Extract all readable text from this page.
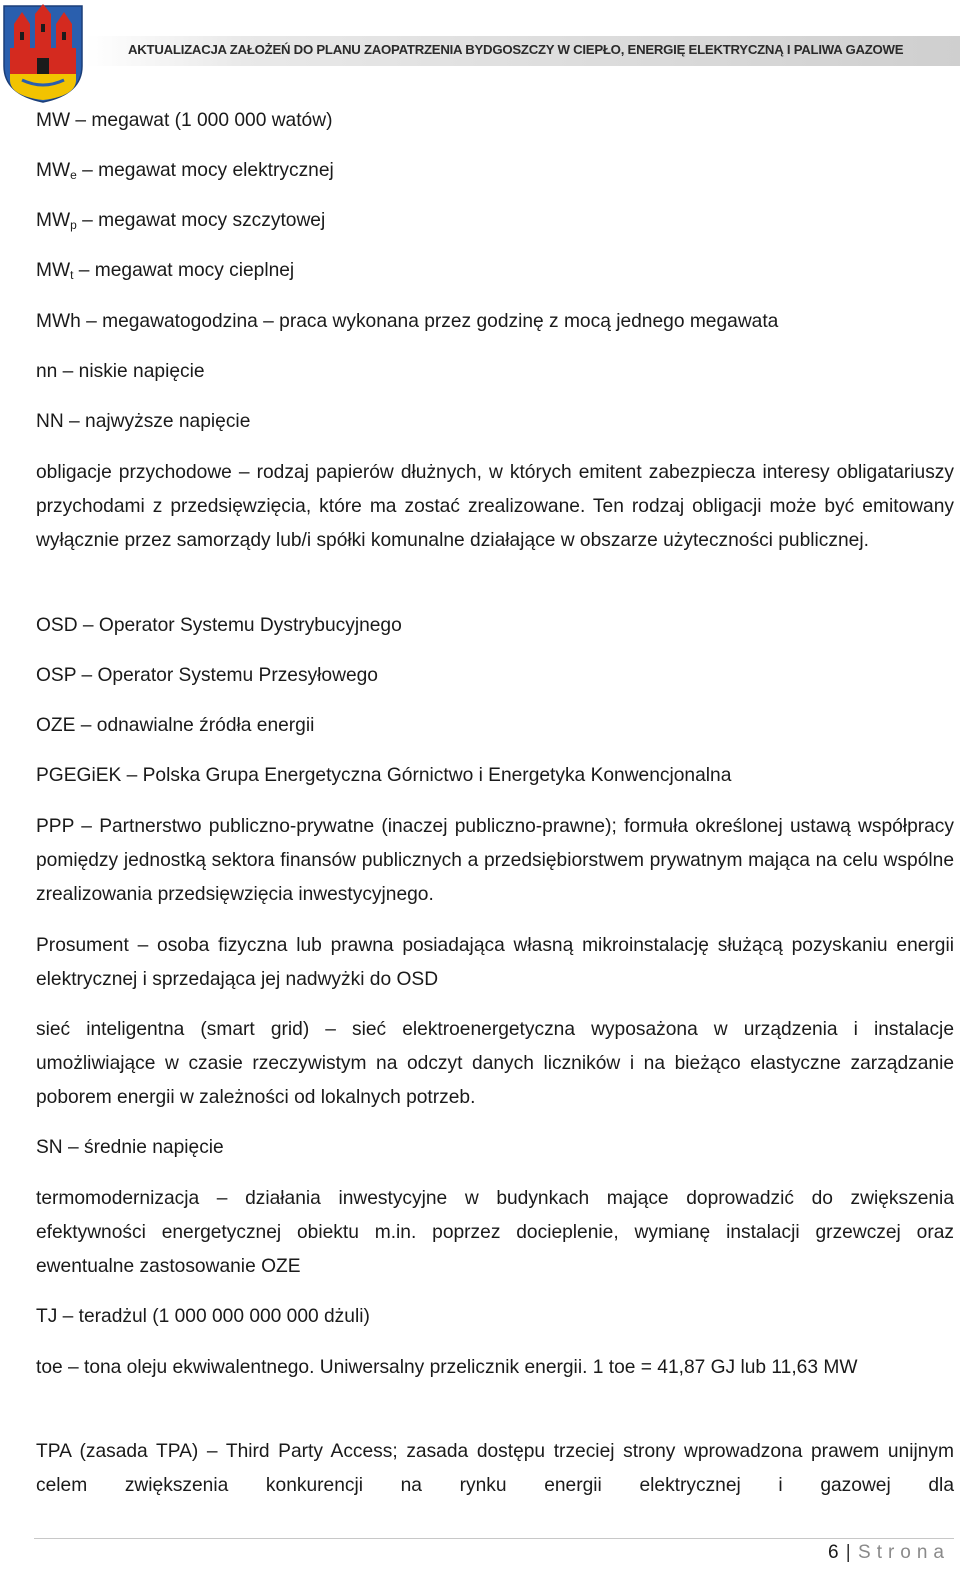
AKTUALIZACJA ZAŁOŻEŃ DO PLANU ZAOPATRZENIA BYDGOSZCZY W CIEPŁO, ENERGIĘ ELEKTRYCZNĄ I PALIWA GAZOWE
MW – megawat (1 000 000 watów)
$MW_e$ – megawat mocy elektrycznej
$MW_p$ – megawat mocy szczytowej
$MW_t$ – megawat mocy cieplnej
MWh – megawatogodzina – praca wykonana przez godzinę z mocą jednego megawata
nn – niskie napięcie
NN – najwyższe napięcie
obligacje przychodowe – rodzaj papierów dłużnych, w których emitent zabezpiecza interesy obligatariuszy przychodami z przedsięwzięcia, które ma zostać zrealizowane. Ten rodzaj obligacji może być emitowany wyłącznie przez samorządy lub/i spółki komunalne działające w obszarze użyteczności publicznej.
OSD – Operator Systemu Dystrybucyjnego
OSP – Operator Systemu Przesyłowego
OZE – odnawialne źródła energii
PGEGiEK – Polska Grupa Energetyczna Górnictwo i Energetyka Konwencjonalna
PPP – Partnerstwo publiczno-prywatne (inaczej publiczno-prawne); formuła określonej ustawą współpracy pomiędzy jednostką sektora finansów publicznych a przedsiębiorstwem prywatnym mająca na celu wspólne zrealizowania przedsięwzięcia inwestycyjnego.
Prosument – osoba fizyczna lub prawna posiadająca własną mikroinstalację służącą pozyskaniu energii elektrycznej i sprzedająca jej nadwyżki do OSD
sieć inteligentna (smart grid) – sieć elektroenergetyczna wyposażona w urządzenia i instalacje umożliwiające w czasie rzeczywistym na odczyt danych liczników i na bieżąco elastyczne zarządzanie poborem energii w zależności od lokalnych potrzeb.
SN – średnie napięcie
termomodernizacja – działania inwestycyjne w budynkach mające doprowadzić do zwiększenia efektywności energetycznej obiektu m.in. poprzez docieplenie, wymianę instalacji grzewczej oraz ewentualne zastosowanie OZE
TJ – teradżul (1 000 000 000 000 dżuli)
toe – tona oleju ekwiwalentnego. Uniwersalny przelicznik energii. 1 toe = 41,87 GJ lub 11,63 MW
TPA (zasada TPA) – Third Party Access; zasada dostępu trzeciej strony wprowadzona prawem unijnym celem zwiększenia konkurencji na rynku energii elektrycznej i gazowej dla
6 | Strona
